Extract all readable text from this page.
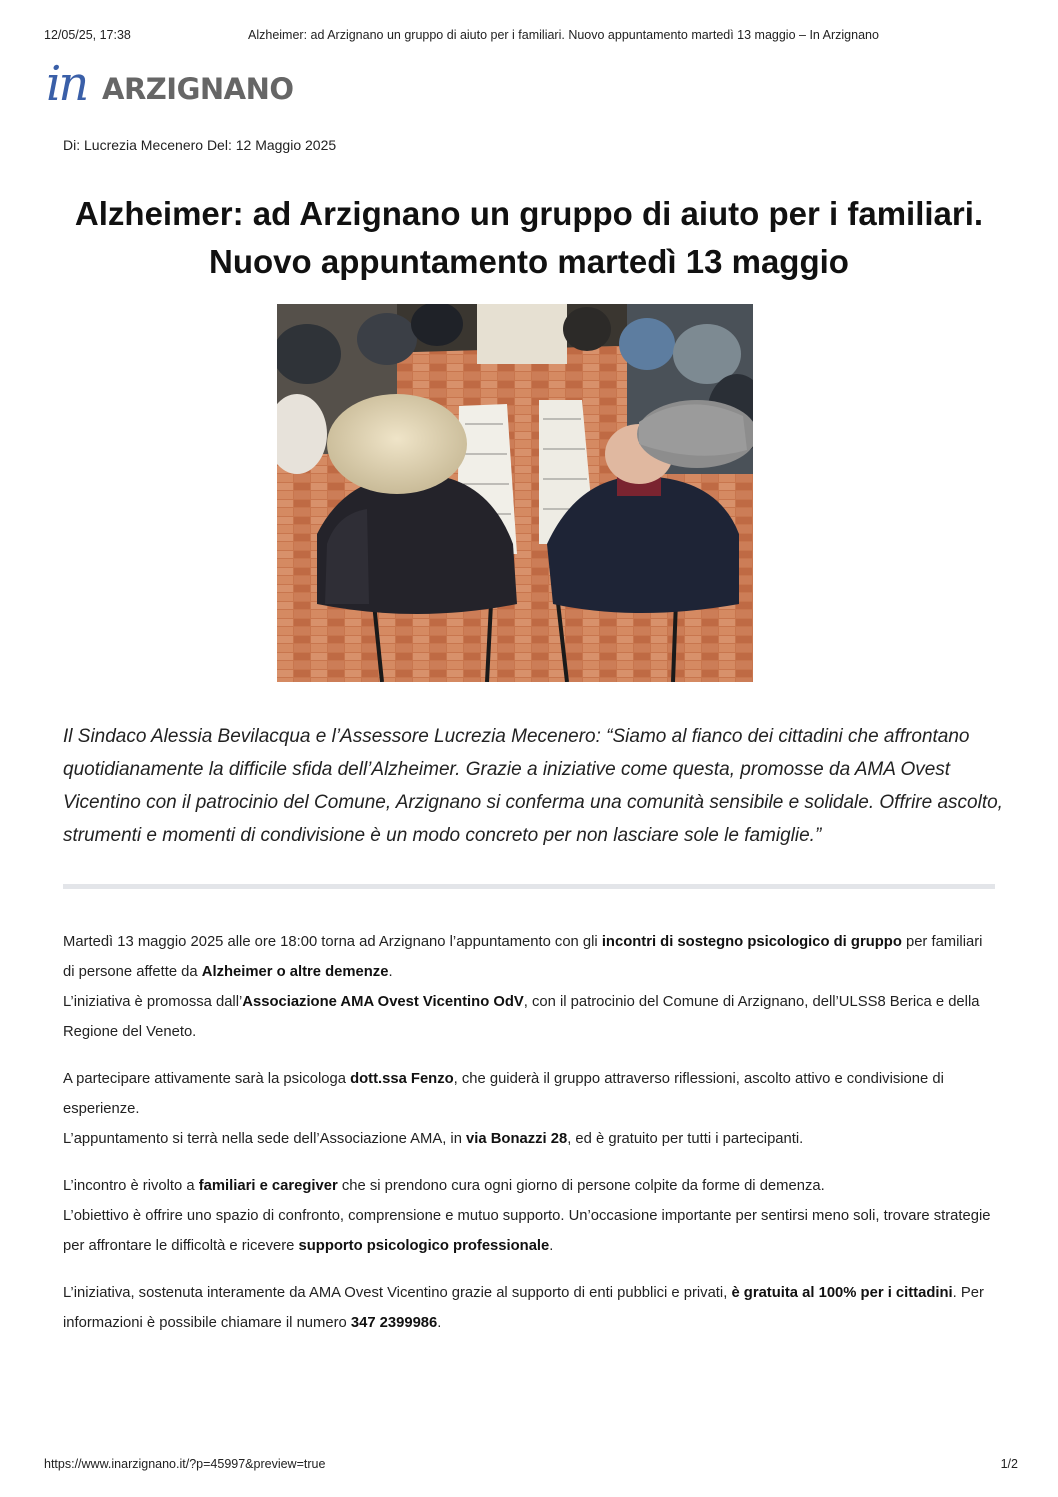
12/05/25, 17:38	Alzheimer: ad Arzignano un gruppo di aiuto per i familiari. Nuovo appuntamento martedì 13 maggio – In Arzignano
in ARZIGNANO
Di: Lucrezia Mecenero Del: 12 Maggio 2025
Alzheimer: ad Arzignano un gruppo di aiuto per i familiari. Nuovo appuntamento martedì 13 maggio

Il Sindaco Alessia Bevilacqua e l’Assessore Lucrezia Mecenero: “Siamo al fianco dei cittadini che affrontano quotidianamente la difficile sfida dell’Alzheimer. Grazie a iniziative come questa, promosse da AMA Ovest Vicentino con il patrocinio del Comune, Arzignano si conferma una comunità sensibile e solidale. Offrire ascolto, strumenti e momenti di condivisione è un modo concreto per non lasciare sole le famiglie.”

Martedì 13 maggio 2025 alle ore 18:00 torna ad Arzignano l’appuntamento con gli incontri di sostegno psicologico di gruppo per familiari di persone affette da Alzheimer o altre demenze.
L’iniziativa è promossa dall’Associazione AMA Ovest Vicentino OdV, con il patrocinio del Comune di Arzignano, dell’ULSS8 Berica e della Regione del Veneto.

A partecipare attivamente sarà la psicologa dott.ssa Fenzo, che guiderà il gruppo attraverso riflessioni, ascolto attivo e condivisione di esperienze.
L’appuntamento si terrà nella sede dell’Associazione AMA, in via Bonazzi 28, ed è gratuito per tutti i partecipanti.

L’incontro è rivolto a familiari e caregiver che si prendono cura ogni giorno di persone colpite da forme di demenza.
L’obiettivo è offrire uno spazio di confronto, comprensione e mutuo supporto. Un’occasione importante per sentirsi meno soli, trovare strategie per affrontare le difficoltà e ricevere supporto psicologico professionale.

L’iniziativa, sostenuta interamente da AMA Ovest Vicentino grazie al supporto di enti pubblici e privati, è gratuita al 100% per i cittadini. Per informazioni è possibile chiamare il numero 347 2399986.

https://www.inarzignano.it/?p=45997&preview=true	1/2
